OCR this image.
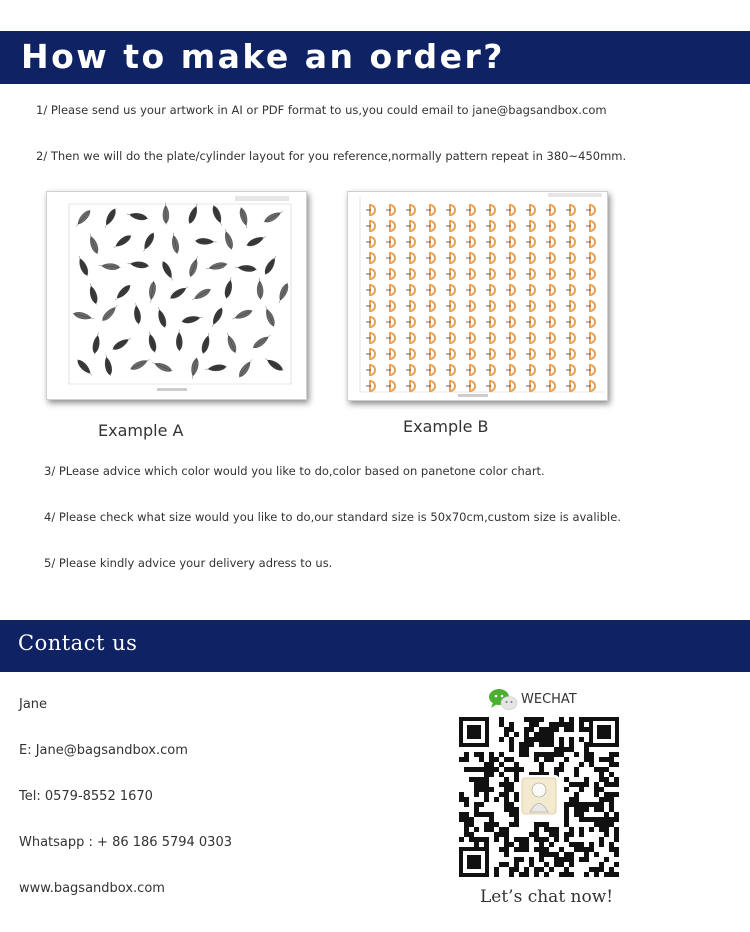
How to make an order?
1/ Please send us your artwork in AI or PDF format to us,you could email to jane@bagsandbox.com
2/ Then we will do the plate/cylinder layout for you reference,normally pattern repeat in 380~450mm.
Example A	Example B
3/ PLease advice which color would you like to do,color based on panetone color chart.
4/ Please check what size would you like to do,our standard size is 50x70cm,custom size is avalible.
5/ Please kindly advice your delivery adress to us.
Contact us
Jane
E: Jane@bagsandbox.com
Tel: 0579-8552 1670
Whatsapp : + 86 186 5794 0303
www.bagsandbox.com
WECHAT
Let’s chat now!
